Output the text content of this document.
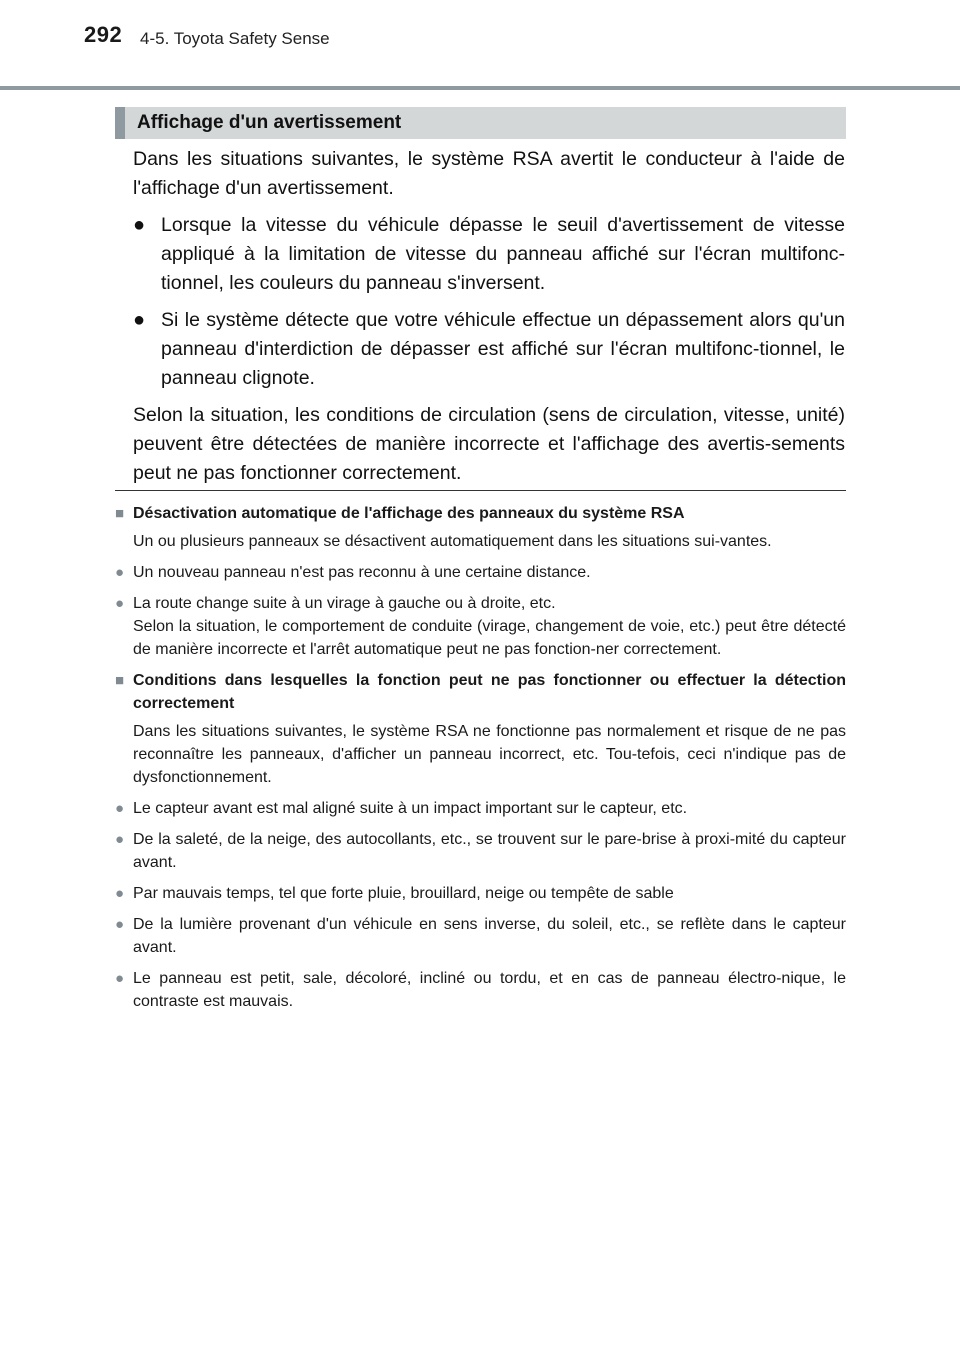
292 4-5. Toyota Safety Sense
Affichage d'un avertissement

Dans les situations suivantes, le système RSA avertit le conducteur à l'aide de l'affichage d'un avertissement.

● Lorsque la vitesse du véhicule dépasse le seuil d'avertissement de vitesse appliqué à la limitation de vitesse du panneau affiché sur l'écran multifonc-tionnel, les couleurs du panneau s'inversent.
● Si le système détecte que votre véhicule effectue un dépassement alors qu'un panneau d'interdiction de dépasser est affiché sur l'écran multifonc-tionnel, le panneau clignote.

Selon la situation, les conditions de circulation (sens de circulation, vitesse, unité) peuvent être détectées de manière incorrecte et l'affichage des avertis-sements peut ne pas fonctionner correctement.

■ Désactivation automatique de l'affichage des panneaux du système RSA

Un ou plusieurs panneaux se désactivent automatiquement dans les situations sui-vantes.

● Un nouveau panneau n'est pas reconnu à une certaine distance.
● La route change suite à un virage à gauche ou à droite, etc.
Selon la situation, le comportement de conduite (virage, changement de voie, etc.) peut être détecté de manière incorrecte et l'arrêt automatique peut ne pas fonction-ner correctement.
■ Conditions dans lesquelles la fonction peut ne pas fonctionner ou effectuer la détection correctement

Dans les situations suivantes, le système RSA ne fonctionne pas normalement et risque de ne pas reconnaître les panneaux, d'afficher un panneau incorrect, etc. Tou-tefois, ceci n'indique pas de dysfonctionnement.

● Le capteur avant est mal aligné suite à un impact important sur le capteur, etc.
● De la saleté, de la neige, des autocollants, etc., se trouvent sur le pare-brise à proxi-mité du capteur avant.
● Par mauvais temps, tel que forte pluie, brouillard, neige ou tempête de sable
● De la lumière provenant d'un véhicule en sens inverse, du soleil, etc., se reflète dans le capteur avant.
● Le panneau est petit, sale, décoloré, incliné ou tordu, et en cas de panneau électro-nique, le contraste est mauvais.
